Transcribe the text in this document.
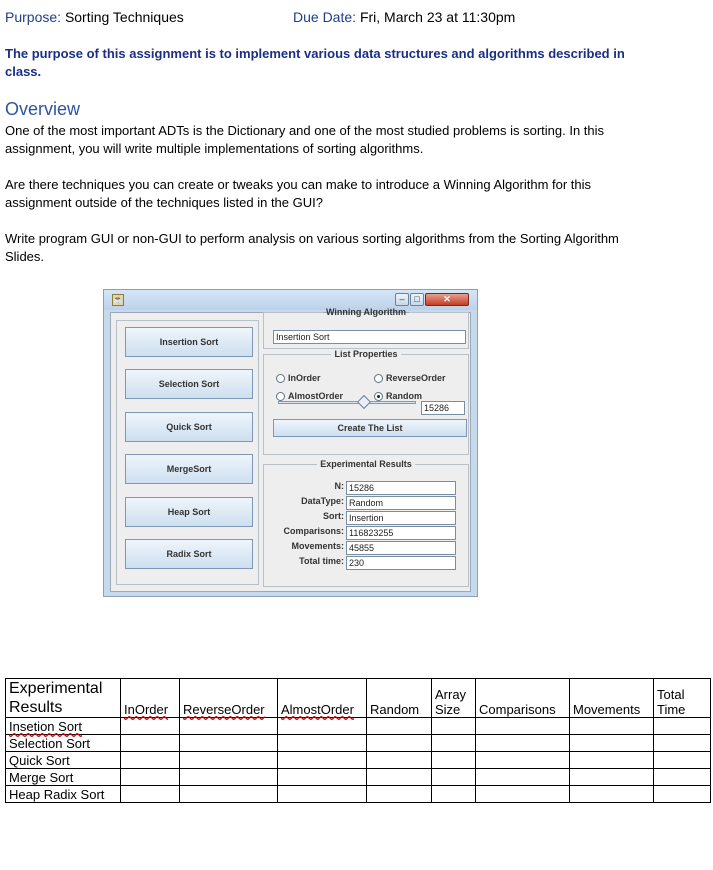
Purpose: Sorting Techniques	Due Date: Fri, March 23 at 11:30pm
The purpose of this assignment is to implement various data structures and algorithms described in class.
Overview
One of the most important ADTs is the Dictionary and one of the most studied problems is sorting. In this assignment, you will write multiple implementations of sorting algorithms.
Are there techniques you can create or tweaks you can make to introduce a Winning Algorithm for this assignment outside of the techniques listed in the GUI?
Write program GUI or non-GUI to perform analysis on various sorting algorithms from the Sorting Algorithm Slides.
☕	–	□	✕
Insertion Sort
Selection Sort
Quick Sort
MergeSort
Heap Sort
Radix Sort
Winning Algorithm
Insertion Sort
List Properties
InOrder	ReverseOrder
AlmostOrder	Random
15286
Create The List
Experimental Results
N: 15286
DataType: Random
Sort: Insertion
Comparisons: 116823255
Movements: 45855
Total time: 230
Experimental Results	InOrder	ReverseOrder	AlmostOrder	Random	Array Size	Comparisons	Movements	Total Time
Insetion Sort								
Selection Sort								
Quick Sort								
Merge Sort								
Heap Radix Sort								
